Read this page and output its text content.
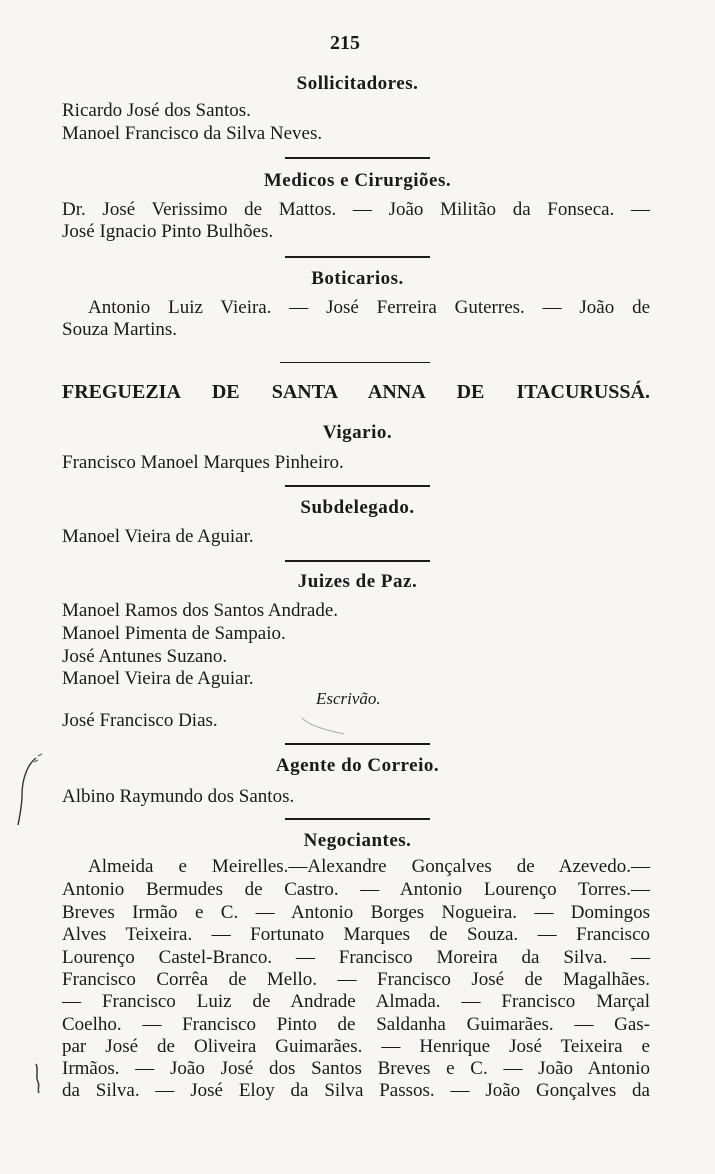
215
Sollicitadores.
Ricardo José dos Santos.
Manoel Francisco da Silva Neves.
Medicos e Cirurgiões.
Dr. José Verissimo de Mattos. — João Militão da Fonseca. —
José Ignacio Pinto Bulhões.
Boticarios.
Antonio Luiz Vieira. — José Ferreira Guterres. — João de
Souza Martins.
FREGUEZIA DE SANTA ANNA DE ITACURUSSÁ.
Vigario.
Francisco Manoel Marques Pinheiro.
Subdelegado.
Manoel Vieira de Aguiar.
Juizes de Paz.
Manoel Ramos dos Santos Andrade.
Manoel Pimenta de Sampaio.
José Antunes Suzano.
Manoel Vieira de Aguiar.
Escrivão.
José Francisco Dias.
Agente do Correio.
Albino Raymundo dos Santos.
Negociantes.
Almeida e Meirelles.—Alexandre Gonçalves de Azevedo.—
Antonio Bermudes de Castro. — Antonio Lourenço Torres.—
Breves Irmão e C. — Antonio Borges Nogueira. — Domingos
Alves Teixeira. — Fortunato Marques de Souza. — Francisco
Lourenço Castel-Branco. — Francisco Moreira da Silva. —
Francisco Corrêa de Mello. — Francisco José de Magalhães.
— Francisco Luiz de Andrade Almada. — Francisco Marçal
Coelho. — Francisco Pinto de Saldanha Guimarães. — Gas-
par José de Oliveira Guimarães. — Henrique José Teixeira e
Irmãos. — João José dos Santos Breves e C. — João Antonio
da Silva. — José Eloy da Silva Passos. — João Gonçalves da
